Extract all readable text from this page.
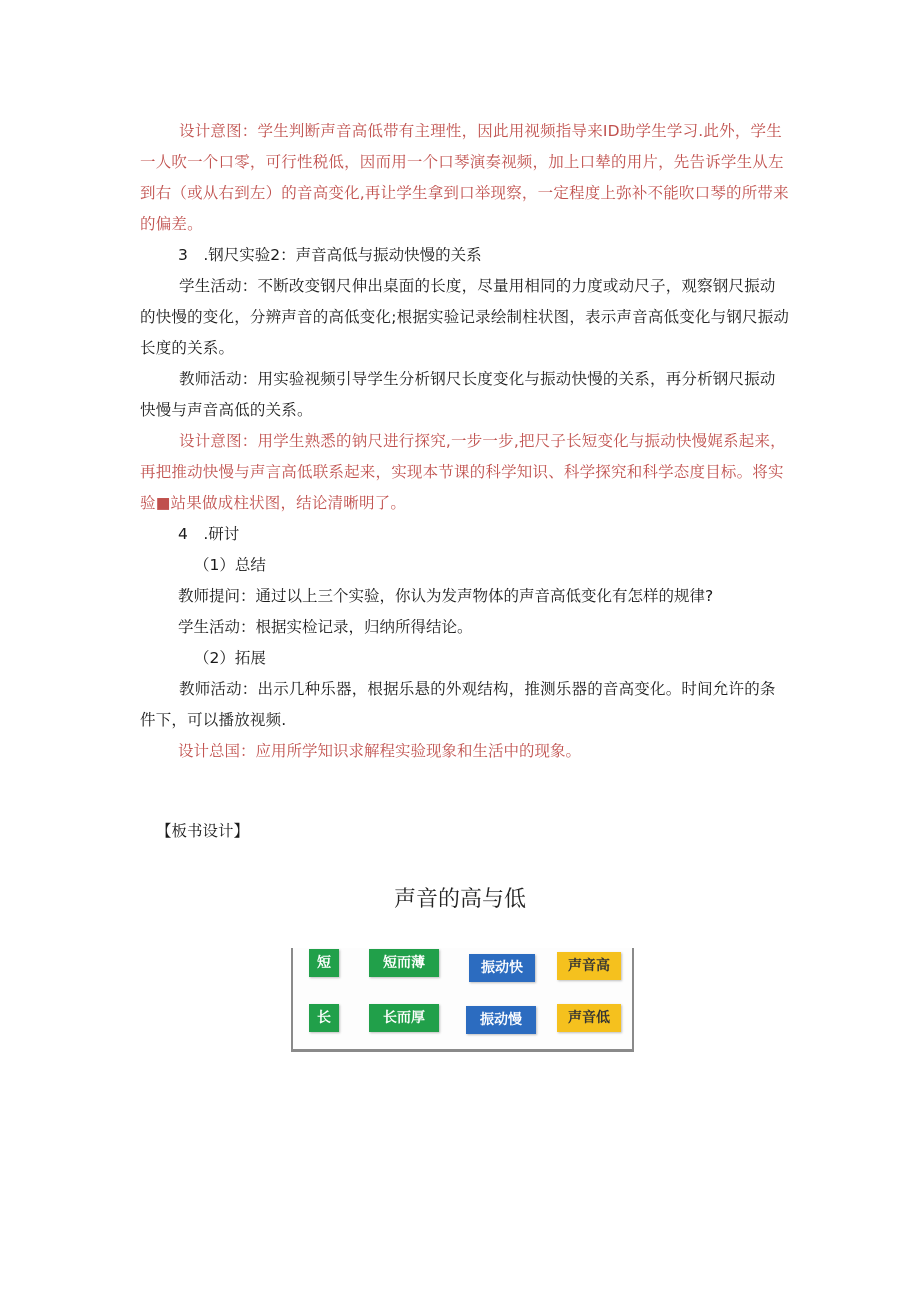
设计意图：学生判断声音高低带有主理性，因此用视频指导来ID助学生学习.此外，学生一人吹一个口零，可行性税低，因而用一个口琴演奏视频，加上口辇的用片，先告诉学生从左到右（或从右到左）的音高变化,再让学生拿到口举现察，一定程度上弥补不能吹口琴的所带来的偏差。

3　.钢尺实验2：声音高低与振动快慢的关系

学生活动：不断改变钢尺伸出桌面的长度，尽量用相同的力度或动尺子，观察钢尺振动的快慢的变化，分辨声音的高低变化;根据实验记录绘制柱状图，表示声音高低变化与钢尺振动长度的关系。

教师活动：用实验视频引导学生分析钢尺长度变化与振动快慢的关系，再分析钢尺振动快慢与声音高低的关系。

设计意图：用学生熟悉的钠尺进行探究,一步一步,把尺子长短变化与振动快慢娓系起来，再把推动快慢与声言高低联系起来，实现本节课的科学知识、科学探究和科学态度目标。将实验■站果做成柱状图，结论清晰明了。

4　.研讨

（1）总结

教师提问：通过以上三个实验，你认为发声物体的声音高低变化有怎样的规律?

学生活动：根据实检记录，归纳所得结论。

（2）拓展

教师活动：出示几种乐器，根据乐悬的外观结构，推测乐器的音高变化。时间允许的条件下，可以播放视频.

设计总国：应用所学知识求解程实验现象和生活中的现象。

【板书设计】
声音的高与低
短	短而薄	振动快	声音高
长	长而厚	振动慢	声音低
